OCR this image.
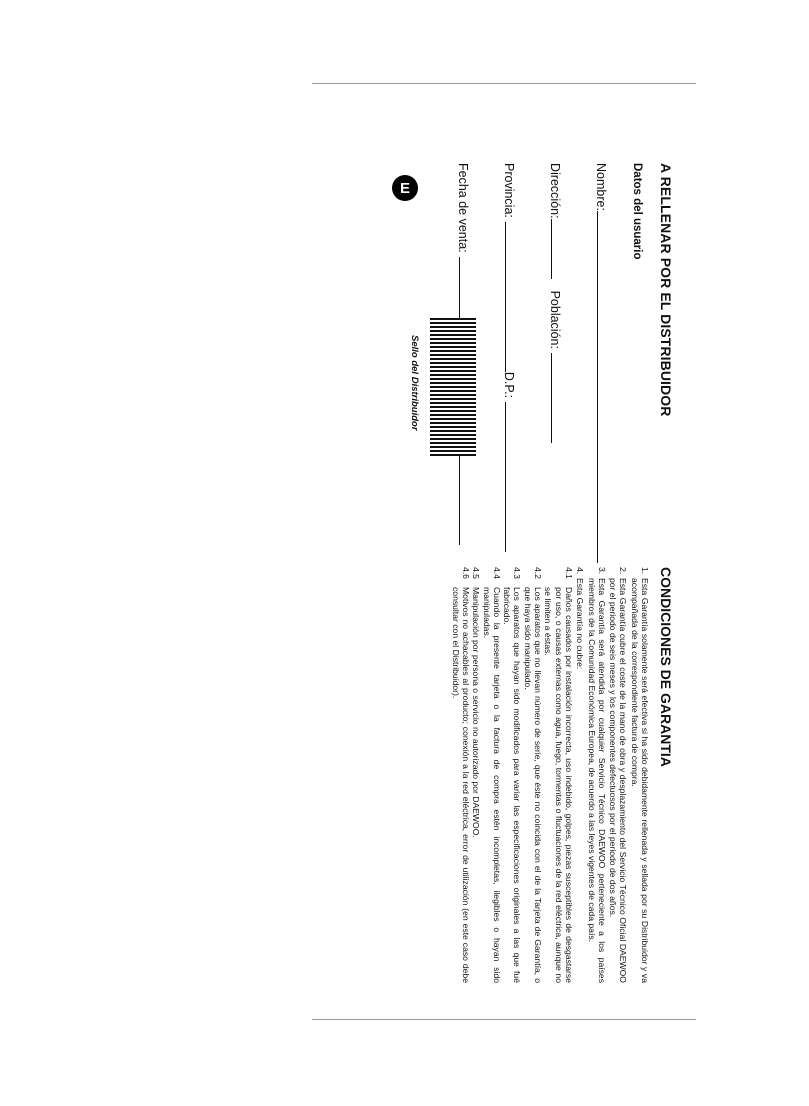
A RELLENAR POR EL DISTRIBUIDOR
Datos del usuario
Nombre:
Dirección:
Población:
Provincia:
D.P.:
Fecha de venta:
E
Sello del Distribuidor
CONDICIONES DE GARANTIA
1.
Esta Garantía solamente será efectiva si ha sido debidamente rellenada y sellada por su Distribuidor y va acompañada de la correspondiente factura de compra.
2.
Esta Garantía cubre el coste de la mano de obra y desplazamiento del Servicio Técnico Oficial DAEWOO por el periodo de seis meses y los componentes defectuosos por el periodo de dos años.
3.
Esta Garantía será atendida por cualquier Servicio Técnico DAEWOO perteneciente a los países miembros de la Comunidad Económica Europea, de acuerdo a las leyes vigentes de cada país.
4.
Esta Garantía no cubre:
4.1
Daños causados por instalación incorrecta, uso indebido, golpes, piezas susceptibles de desgastarse por uso, o causas externas como agua, fuego, tormentas o fluctuaciones de la red eléctrica, aunque no se limiten a éstas.
4.2
Los aparatos que no llevan número de serie, que éste no coincida con el de la Tarjeta de Garantía, o que haya sido manipulado.
4.3
Los aparatos que hayan sido modificados para variar las especificaciones originales a las que fué fabricado.
4.4
Cuando la presente tarjeta o la factura de compra estén incompletas, ilegibles o hayan sido manipuladas.
4.5
Manipulación por persona o servicio no autorizado por DAEWOO.
4.6
Motivos no achacables al producto; conexión a la red eléctrica, error de utilización (en este caso debe consultar con el Distribuidor).
